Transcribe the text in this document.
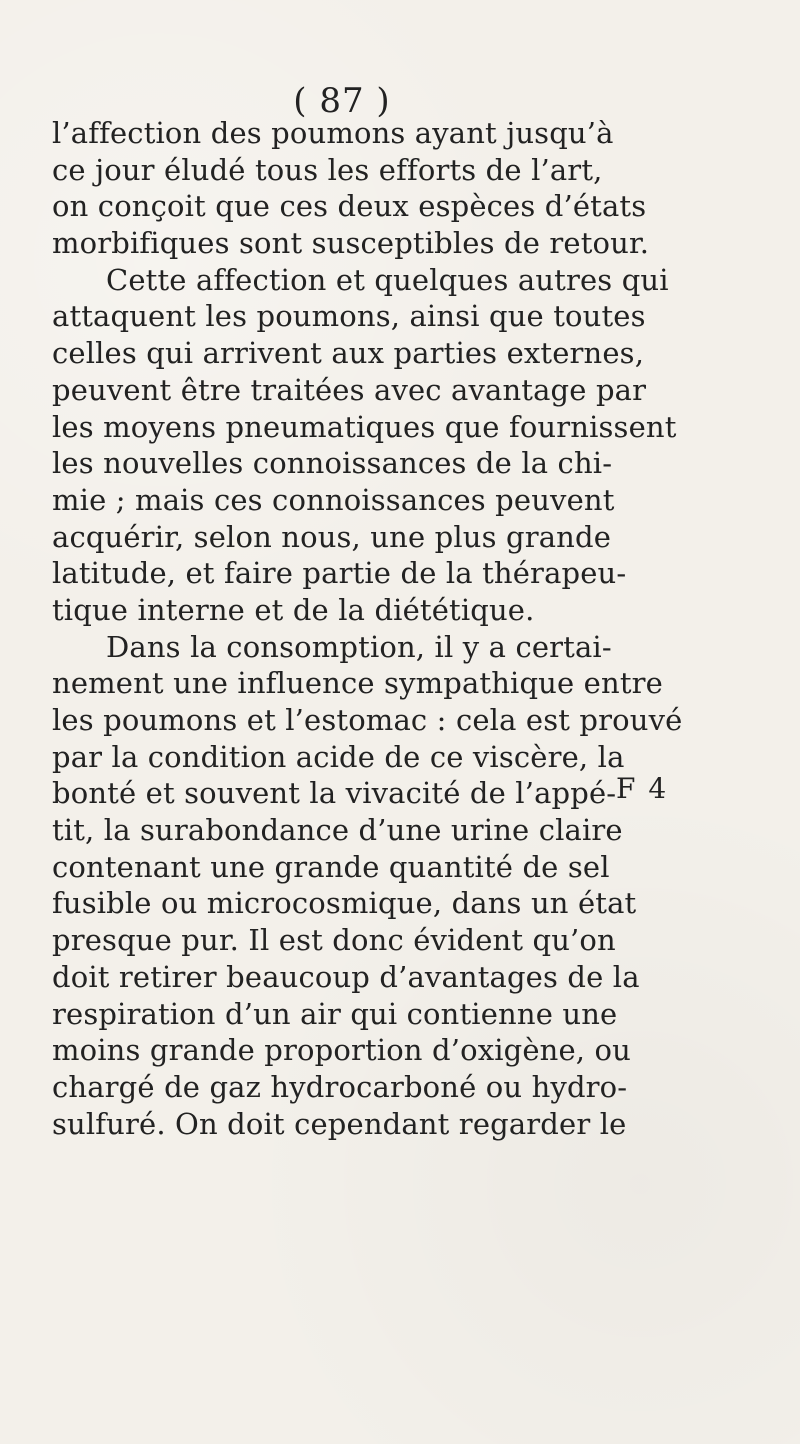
( 87 )
l’affection des poumons ayant jusqu’à
ce jour éludé tous les efforts de l’art,
on conçoit que ces deux espèces d’états
morbifiques sont susceptibles de retour.
Cette affection et quelques autres qui
attaquent les poumons, ainsi que toutes
celles qui arrivent aux parties externes,
peuvent être traitées avec avantage par
les moyens pneumatiques que fournissent
les nouvelles connoissances de la chi-
mie ; mais ces connoissances peuvent
acquérir, selon nous, une plus grande
latitude, et faire partie de la thérapeu-
tique interne et de la diététique.
Dans la consomption, il y a certai-
nement une influence sympathique entre
les poumons et l’estomac : cela est prouvé
par la condition acide de ce viscère, la
bonté et souvent la vivacité de l’appé-
tit, la surabondance d’une urine claire
contenant une grande quantité de sel
fusible ou microcosmique, dans un état
presque pur. Il est donc évident qu’on
doit retirer beaucoup d’avantages de la
respiration d’un air qui contienne une
moins grande proportion d’oxigène, ou
chargé de gaz hydrocarboné ou hydro-
sulfuré. On doit cependant regarder le
F 4
